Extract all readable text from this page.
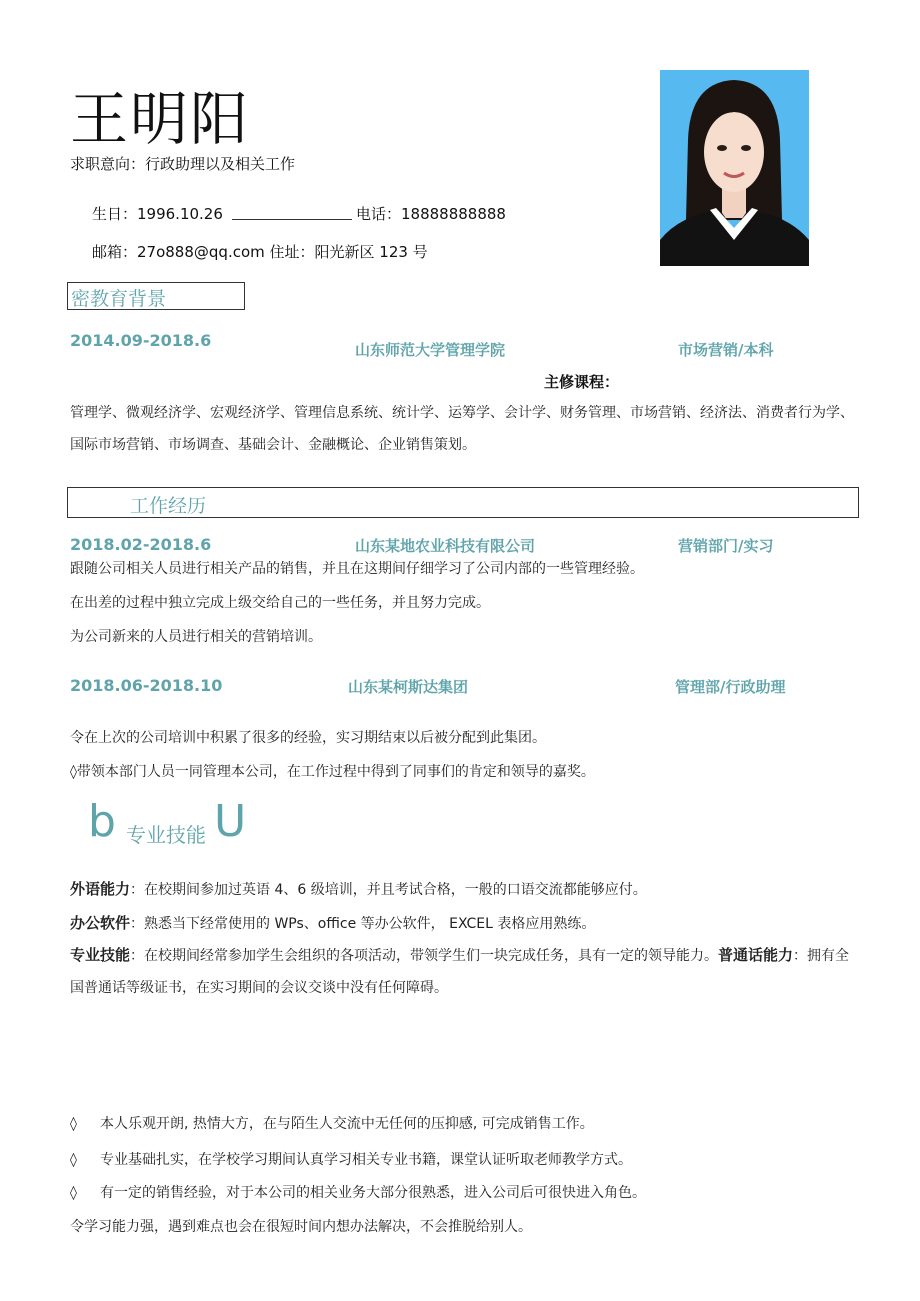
王明阳
求职意向：行政助理以及相关工作
生日：1996.10.26	电话：18888888888
邮箱：27o888@qq.com 住址：阳光新区 123 号
密教育背景
2014.09-2018.6	山东师范大学管理学院	市场营销/本科
主修课程：
管理学、微观经济学、宏观经济学、管理信息系统、统计学、运筹学、会计学、财务管理、市场营销、经济法、消费者行为学、国际市场营销、市场调查、基础会计、金融概论、企业销售策划。
工作经历
2018.02-2018.6	山东某地农业科技有限公司	营销部门/实习
跟随公司相关人员进行相关产品的销售，并且在这期间仔细学习了公司内部的一些管理经验。
在出差的过程中独立完成上级交给自己的一些任务，并且努力完成。
为公司新来的人员进行相关的营销培训。
2018.06-2018.10	山东某柯斯达集团	管理部/行政助理
令在上次的公司培训中积累了很多的经验，实习期结束以后被分配到此集团。
◊带领本部门人员一同管理本公司，在工作过程中得到了同事们的肯定和领导的嘉奖。
b 专业技能 U
外语能力：在校期间参加过英语 4、6 级培训，并且考试合格，一般的口语交流都能够应付。
办公软件：熟悉当下经常使用的 WPs、office 等办公软件， EXCEL 表格应用熟练。
专业技能：在校期间经常参加学生会组织的各项活动，带领学生们一块完成任务，具有一定的领导能力。普通话能力：拥有全国普通话等级证书，在实习期间的会议交谈中没有任何障碍。
◊ 本人乐观开朗, 热情大方，在与陌生人交流中无任何的压抑感, 可完成销售工作。
◊ 专业基础扎实，在学校学习期间认真学习相关专业书籍，课堂认证听取老师教学方式。
◊ 有一定的销售经验，对于本公司的相关业务大部分很熟悉，进入公司后可很快进入角色。
令学习能力强，遇到难点也会在很短时间内想办法解决，不会推脱给别人。
